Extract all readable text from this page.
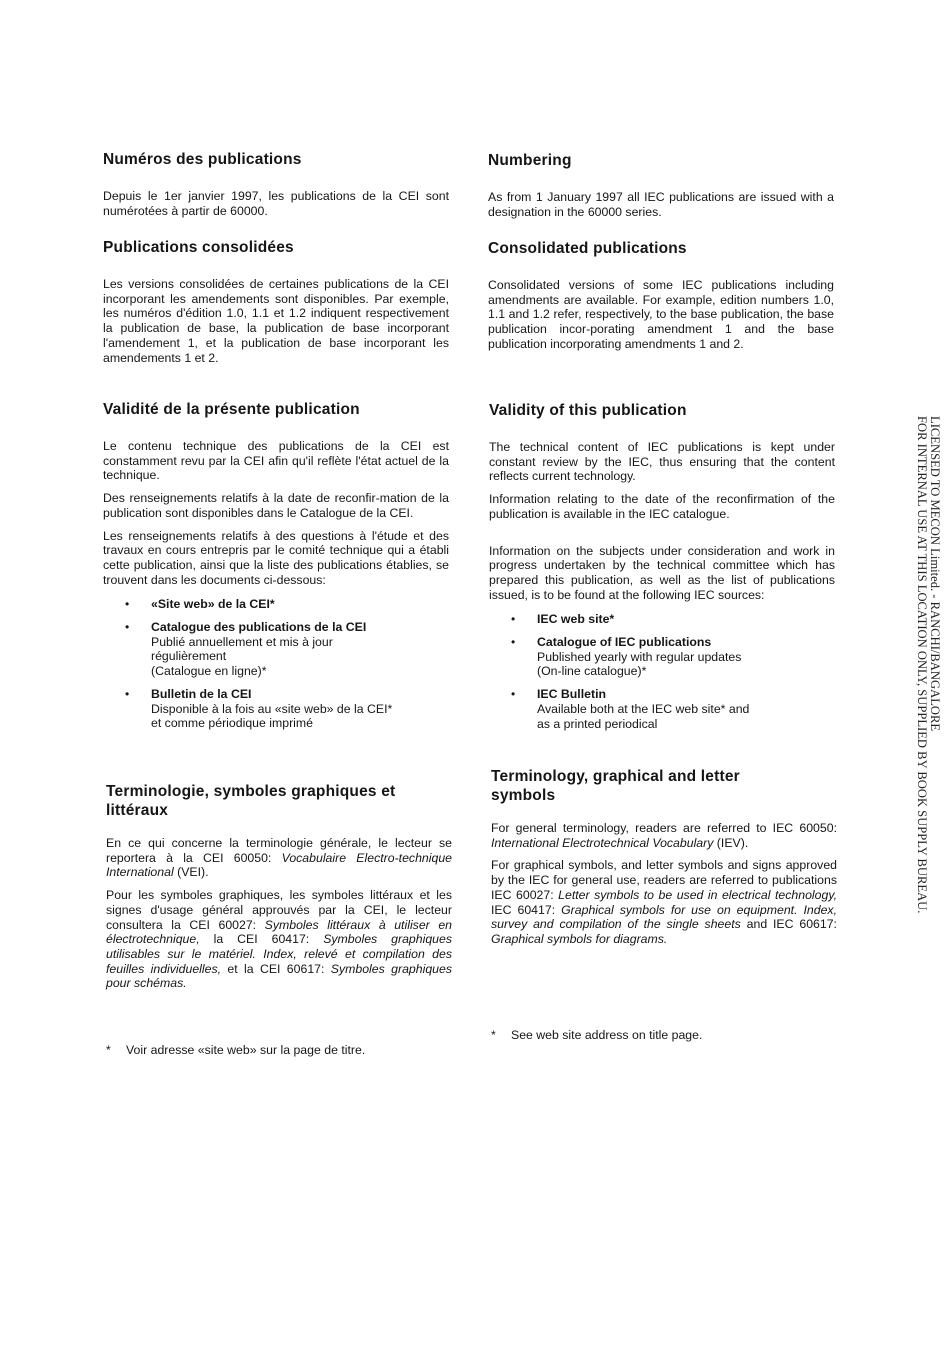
Numéros des publications

Depuis le 1er janvier 1997, les publications de la CEI sont numérotées à partir de 60000.

Publications consolidées

Les versions consolidées de certaines publications de la CEI incorporant les amendements sont disponibles. Par exemple, les numéros d'édition 1.0, 1.1 et 1.2 indiquent respectivement la publication de base, la publication de base incorporant l'amendement 1, et la publication de base incorporant les amendements 1 et 2.

Validité de la présente publication

Le contenu technique des publications de la CEI est constamment revu par la CEI afin qu'il reflète l'état actuel de la technique.

Des renseignements relatifs à la date de reconfir-mation de la publication sont disponibles dans le Catalogue de la CEI.

Les renseignements relatifs à des questions à l'étude et des travaux en cours entrepris par le comité technique qui a établi cette publication, ainsi que la liste des publications établies, se trouvent dans les documents ci-dessous:

• «Site web» de la CEI*
• Catalogue des publications de la CEI
Publié annuellement et mis à jour
régulièrement
(Catalogue en ligne)*
• Bulletin de la CEI
Disponible à la fois au «site web» de la CEI*
et comme périodique imprimé
Terminologie, symboles graphiques et littéraux

En ce qui concerne la terminologie générale, le lecteur se reportera à la CEI 60050: Vocabulaire Electro-technique International (VEI).

Pour les symboles graphiques, les symboles littéraux et les signes d'usage général approuvés par la CEI, le lecteur consultera la CEI 60027: Symboles littéraux à utiliser en électrotechnique, la CEI 60417: Symboles graphiques utilisables sur le matériel. Index, relevé et compilation des feuilles individuelles, et la CEI 60617: Symboles graphiques pour schémas.

Numbering

As from 1 January 1997 all IEC publications are issued with a designation in the 60000 series.

Consolidated publications

Consolidated versions of some IEC publications including amendments are available. For example, edition numbers 1.0, 1.1 and 1.2 refer, respectively, to the base publication, the base publication incor-porating amendment 1 and the base publication incorporating amendments 1 and 2.

Validity of this publication

The technical content of IEC publications is kept under constant review by the IEC, thus ensuring that the content reflects current technology.

Information relating to the date of the reconfirmation of the publication is available in the IEC catalogue.

Information on the subjects under consideration and work in progress undertaken by the technical committee which has prepared this publication, as well as the list of publications issued, is to be found at the following IEC sources:

• IEC web site*
• Catalogue of IEC publications
Published yearly with regular updates
(On-line catalogue)*
• IEC Bulletin
Available both at the IEC web site* and
as a printed periodical
Terminology, graphical and letter symbols

For general terminology, readers are referred to IEC 60050: International Electrotechnical Vocabulary (IEV).

For graphical symbols, and letter symbols and signs approved by the IEC for general use, readers are referred to publications IEC 60027: Letter symbols to be used in electrical technology, IEC 60417: Graphical symbols for use on equipment. Index, survey and compilation of the single sheets and IEC 60617: Graphical symbols for diagrams.

* Voir adresse «site web» sur la page de titre.
* See web site address on title page.
LICENSED TO MECON Limited. - RANCHI/BANGALORE
FOR INTERNAL USE AT THIS LOCATION ONLY, SUPPLIED BY BOOK SUPPLY BUREAU.
